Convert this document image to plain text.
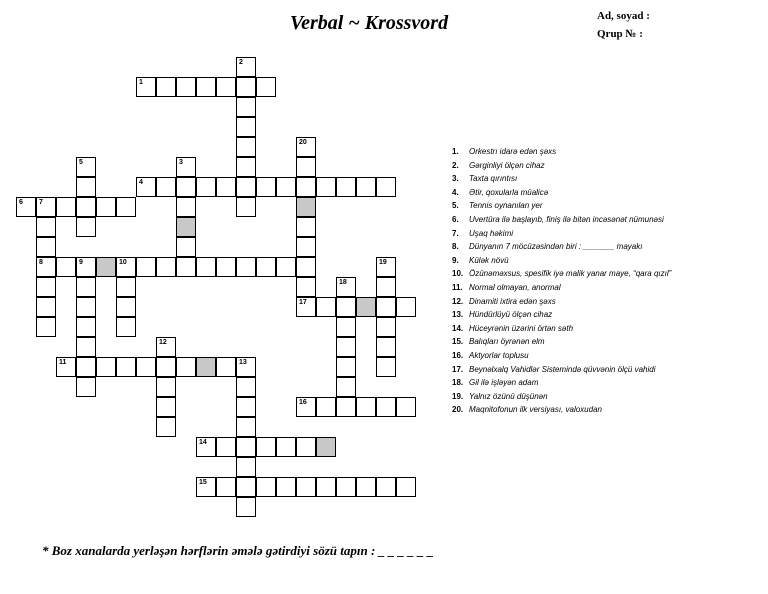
Verbal ~ Krossvord	Ad, soyad :
Qrup № :
1
2
3
4
5
6 7
8	9	10
11	13
12
14
15
16
17
18
19
20
1. Orkestrı idarə edən şəxs
2. Gərginliyi ölçən cihaz
3. Taxta qırıntısı
4. Ətir, qoxularla müalicə
5. Tennis oynanılan yer
6. Uvertüra ilə başlayıb, finiş ilə bitən incəsənət nümunəsi
7. Uşaq həkimi
8. Dünyanın 7 möcüzəsindən biri : _______ mayakı
9. Külək növü
10. Özünəməxsus, spesifik iyə malik yanar maye, “qara qızıl”
11. Normal olmayan, anormal
12. Dinamiti ixtira edən şəxs
13. Hündürlüyü ölçən cihaz
14. Hüceyrənin üzərini örtən səth
15. Balıqları öyrənən elm
16. Aktyorlar toplusu
17. Beynəlxalq Vahidlər Sistemində qüvvənin ölçü vahidi
18. Gil ilə işləyən adam
19. Yalnız özünü düşünən
20. Maqnitofonun ilk versiyası, valoxudan
* Boz xanalarda yerləşən hərflərin əmələ gətirdiyi sözü tapın : _ _ _ _ _ _
